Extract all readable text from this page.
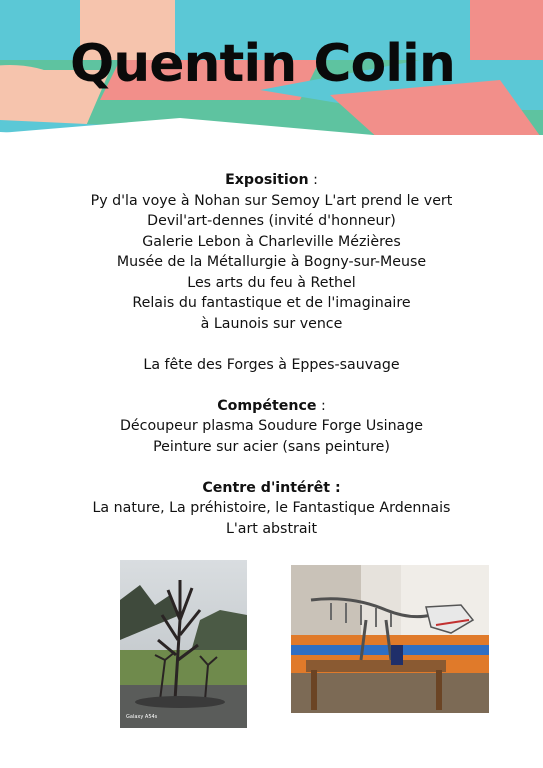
Quentin Colin

Exposition :

Py d'la voye à Nohan sur Semoy L'art prend le vert

Devil'art-dennes (invité d'honneur)

Galerie Lebon à Charleville Mézières

Musée de la Métallurgie à Bogny-sur-Meuse

Les arts du feu à Rethel

Relais du fantastique et de l'imaginaire

à Launois sur vence

La fête des Forges à Eppes-sauvage

Compétence :

Découpeur plasma Soudure Forge Usinage

Peinture sur acier (sans peinture)

Centre d'intérêt :

La nature, La préhistoire, le Fantastique Ardennais

L'art abstrait

Galaxy A54s
